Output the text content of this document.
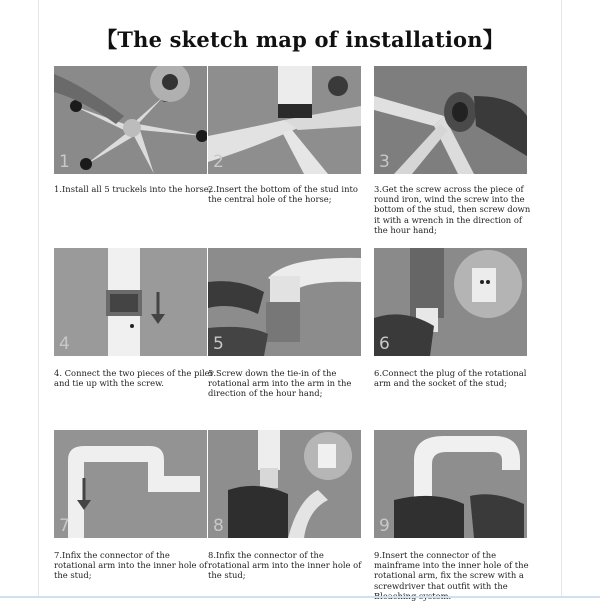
【The sketch map of installation】
1
1.Install all 5 truckels into the horse;
2
2.Insert the bottom of the stud into the central hole of the horse;
3
3.Get the screw across the piece of round iron, wind the screw into the bottom of the stud, then screw down it with a wrench in the direction of the hour hand;
4
4. Connect the two pieces of the piler and tie up with the screw.
5
5.Screw down the tie-in of the rotational arm into the arm in the direction of the hour hand;
6
6.Connect the plug of the rotational arm and the socket of the stud;
7
7.Infix the connector of the rotational arm into the inner hole of the stud;
8
8.Infix the connector of the rotational arm into the inner hole of the stud;
9
9.Insert the connector of the mainframe into the inner hole of the rotational arm, fix the screw with a screwdriver that outfit with the
